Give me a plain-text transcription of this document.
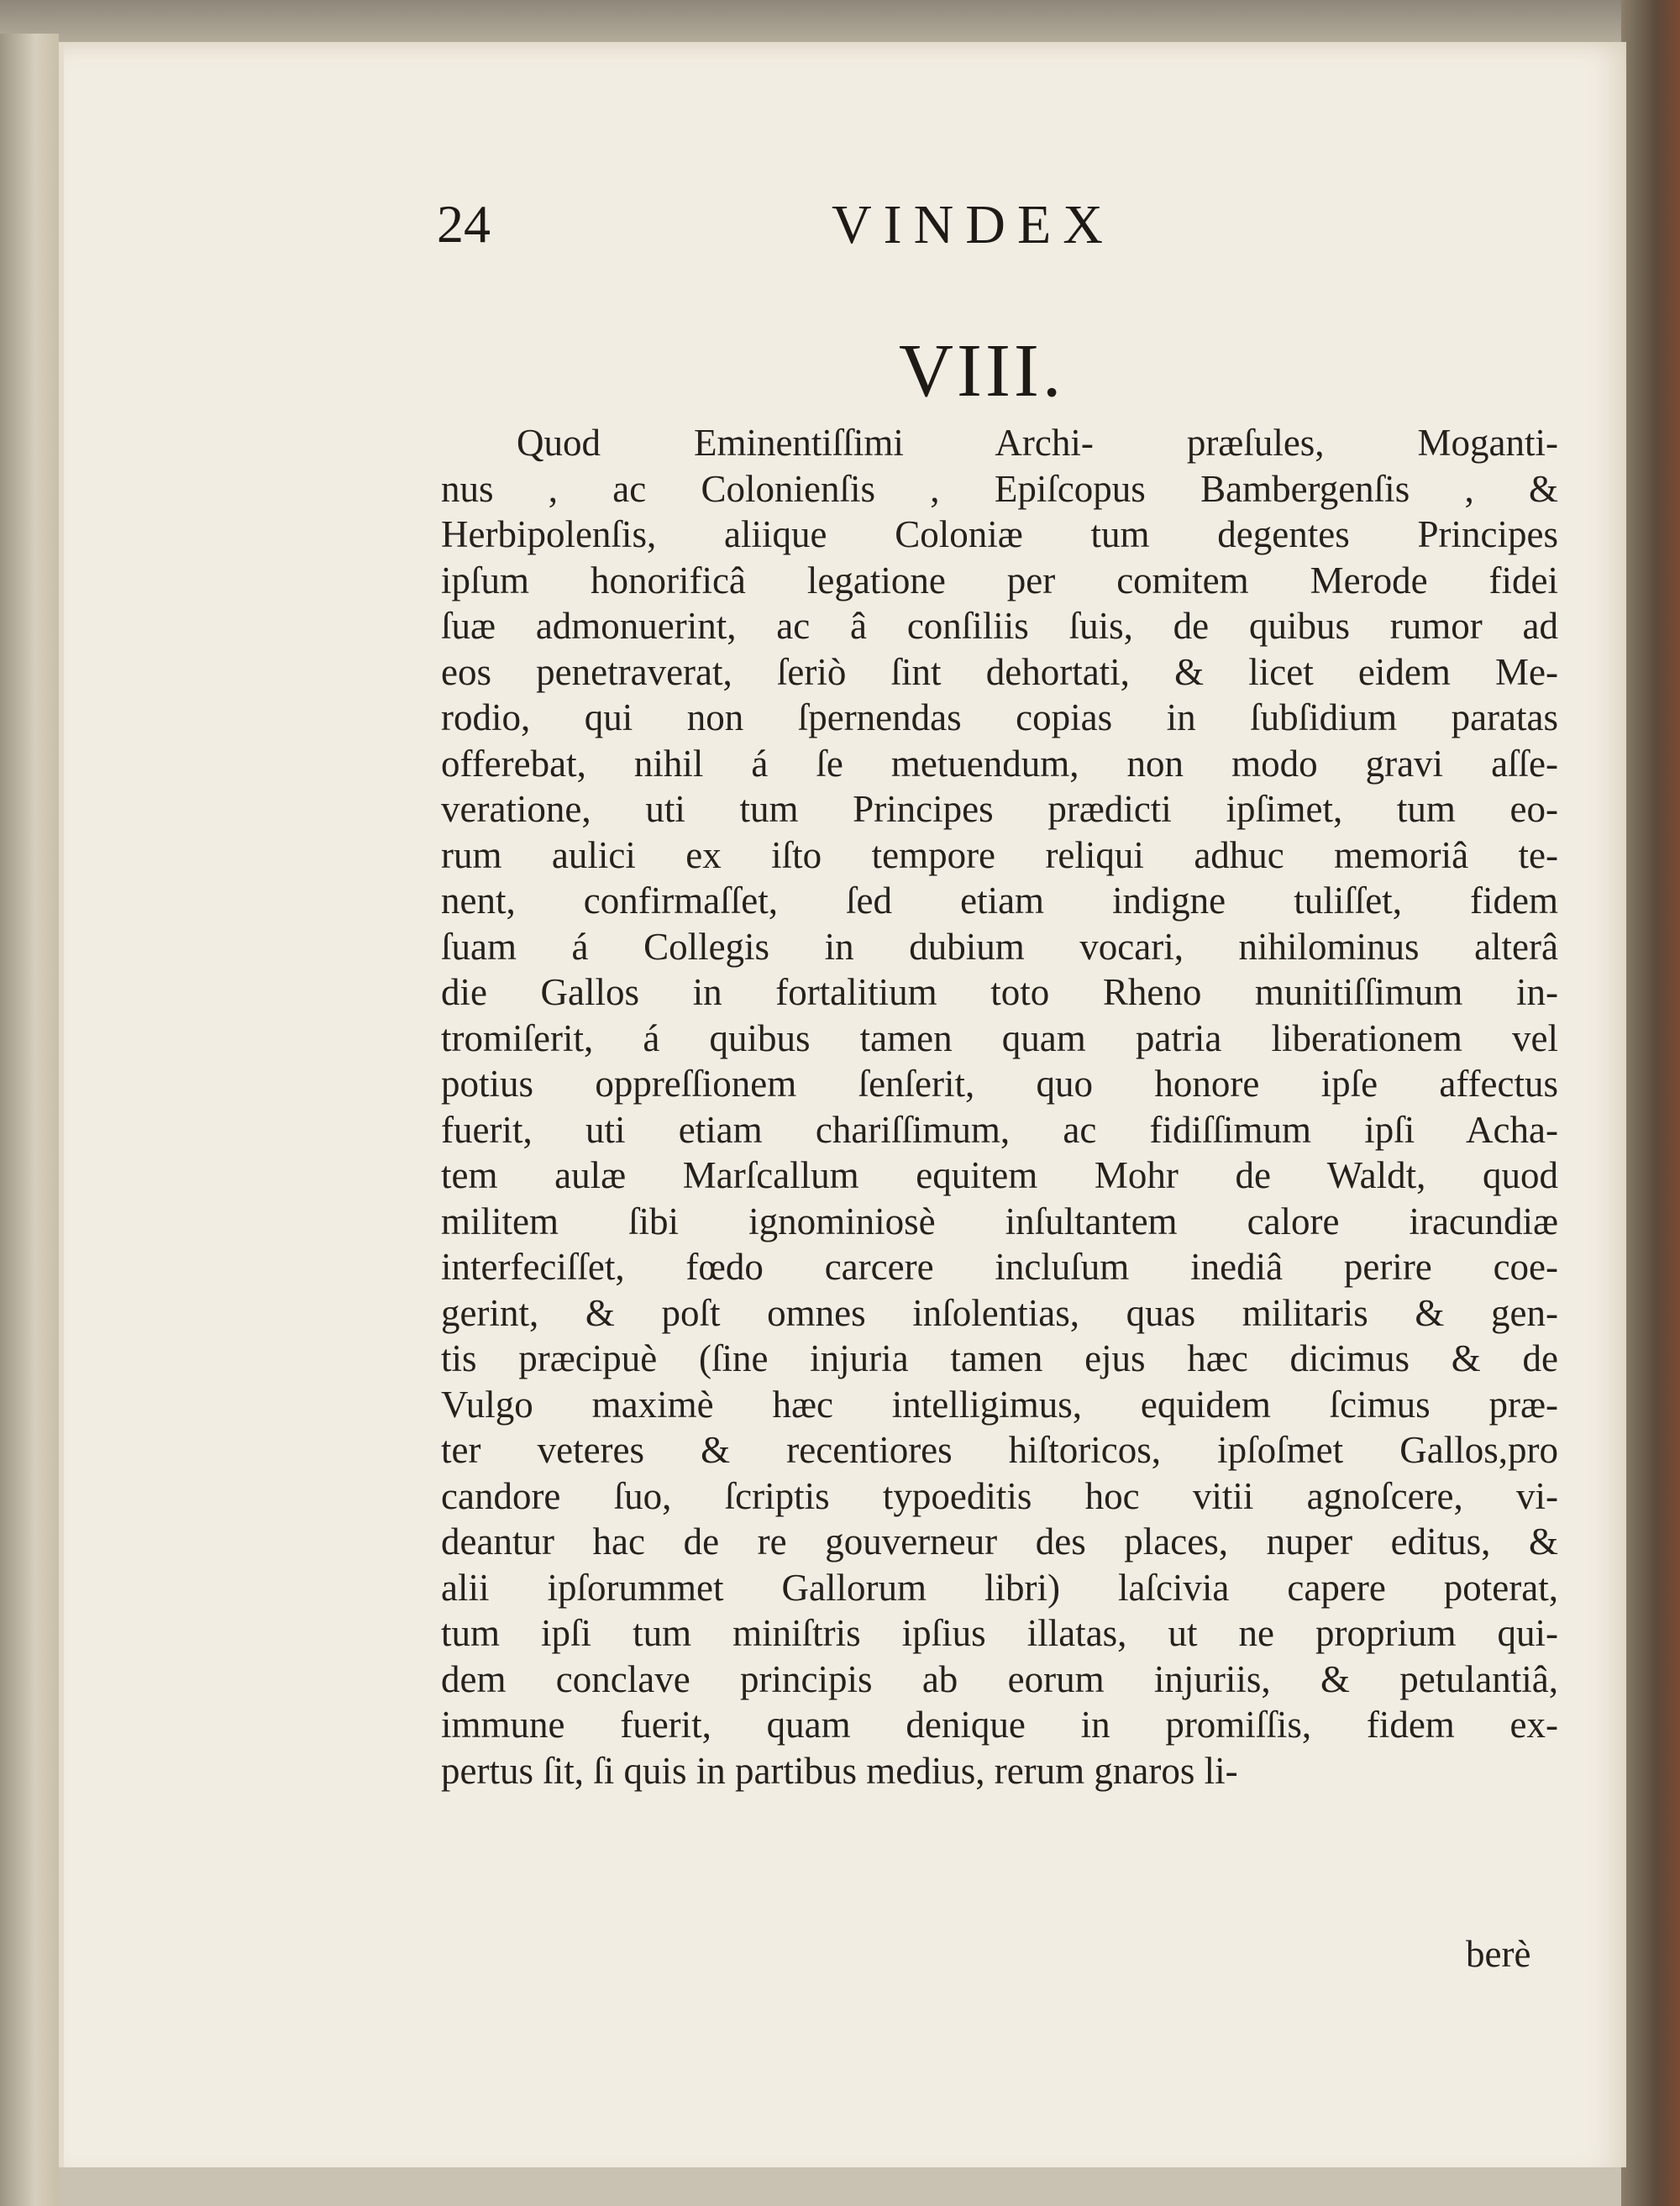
24	VINDEX
VIII.
Quod Eminentiſſimi Archi- præſules, Moganti-
nus , ac Colonienſis , Epiſcopus Bambergenſis , &
Herbipolenſis, aliique Coloniæ tum degentes Principes
ipſum honorificâ legatione per comitem Merode fidei
ſuæ admonuerint, ac â conſiliis ſuis, de quibus rumor ad
eos penetraverat, ſeriò ſint dehortati, & licet eidem Me-
rodio, qui non ſpernendas copias in ſubſidium paratas
offerebat, nihil á ſe metuendum, non modo gravi aſſe-
veratione, uti tum Principes prædicti ipſimet, tum eo-
rum aulici ex iſto tempore reliqui adhuc memoriâ te-
nent, confirmaſſet, ſed etiam indigne tuliſſet, fidem
ſuam á Collegis in dubium vocari, nihilominus alterâ
die Gallos in fortalitium toto Rheno munitiſſimum in-
tromiſerit, á quibus tamen quam patria liberationem vel
potius oppreſſionem ſenſerit, quo honore ipſe affectus
fuerit, uti etiam chariſſimum, ac fidiſſimum ipſi Acha-
tem aulæ Marſcallum equitem Mohr de Waldt, quod
militem ſibi ignominiosè inſultantem calore iracundiæ
interfeciſſet, fœdo carcere incluſum inediâ perire coe-
gerint, & poſt omnes inſolentias, quas militaris & gen-
tis præcipuè (ſine injuria tamen ejus hæc dicimus & de
Vulgo maximè hæc intelligimus, equidem ſcimus præ-
ter veteres & recentiores hiſtoricos, ipſoſmet Gallos,pro
candore ſuo, ſcriptis typoeditis hoc vitii agnoſcere, vi-
deantur hac de re gouverneur des places, nuper editus, &
alii ipſorummet Gallorum libri) laſcivia capere poterat,
tum ipſi tum miniſtris ipſius illatas, ut ne proprium qui-
dem conclave principis ab eorum injuriis, & petulantiâ,
immune fuerit, quam denique in promiſſis, fidem ex-
pertus ſit, ſi quis in partibus medius, rerum gnaros li-
berè
